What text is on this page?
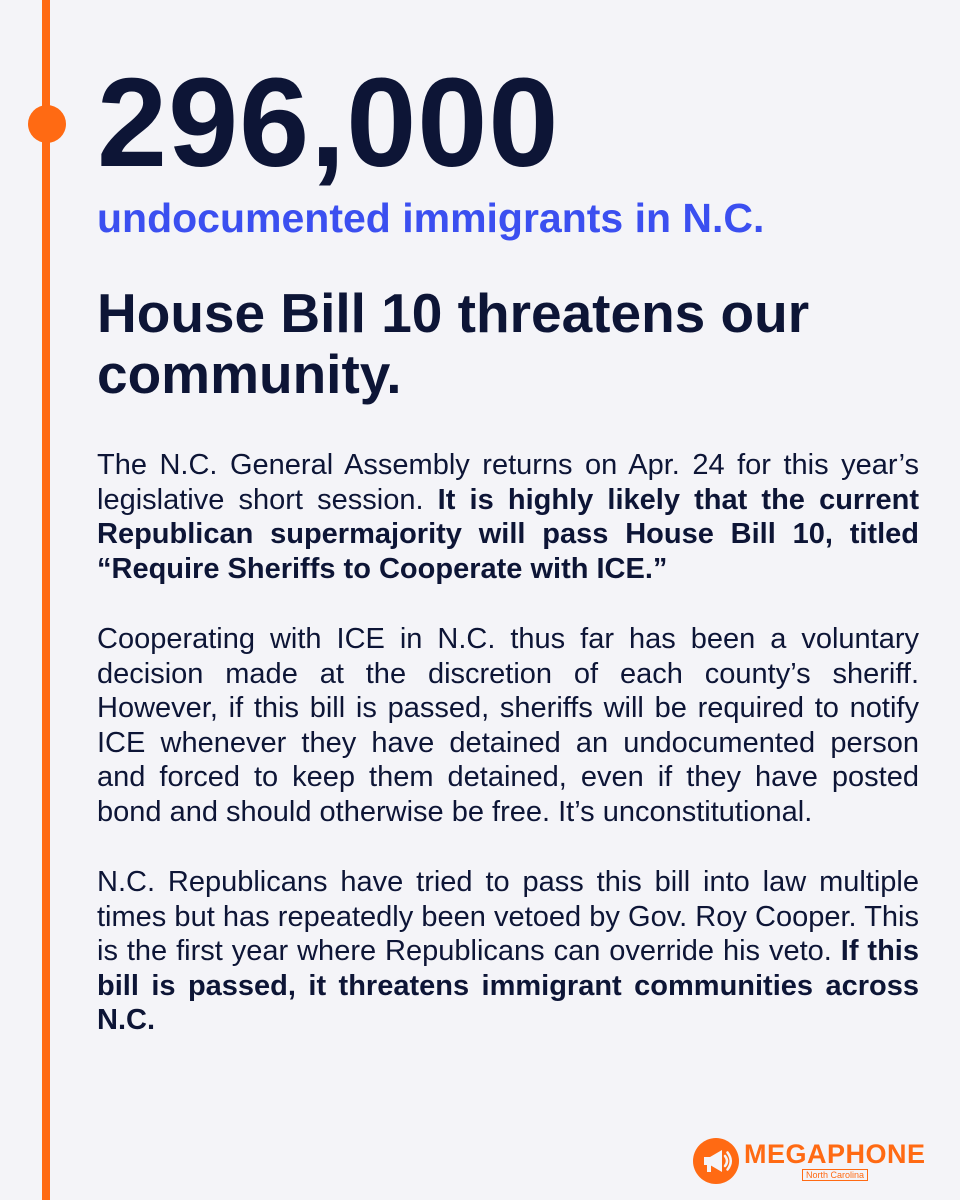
296,000
undocumented immigrants in N.C.
House Bill 10 threatens our community.

The N.C. General Assembly returns on Apr. 24 for this year’s legislative short session. It is highly likely that the current Republican supermajority will pass House Bill 10, titled “Require Sheriffs to Cooperate with ICE.”

Cooperating with ICE in N.C. thus far has been a voluntary decision made at the discretion of each county’s sheriff. However, if this bill is passed, sheriffs will be required to notify ICE whenever they have detained an undocumented person and forced to keep them detained, even if they have posted bond and should otherwise be free. It’s unconstitutional.

N.C. Republicans have tried to pass this bill into law multiple times but has repeatedly been vetoed by Gov. Roy Cooper. This is the first year where Republicans can override his veto. If this bill is passed, it threatens immigrant communities across N.C.

MEGAPHONE
North Carolina
